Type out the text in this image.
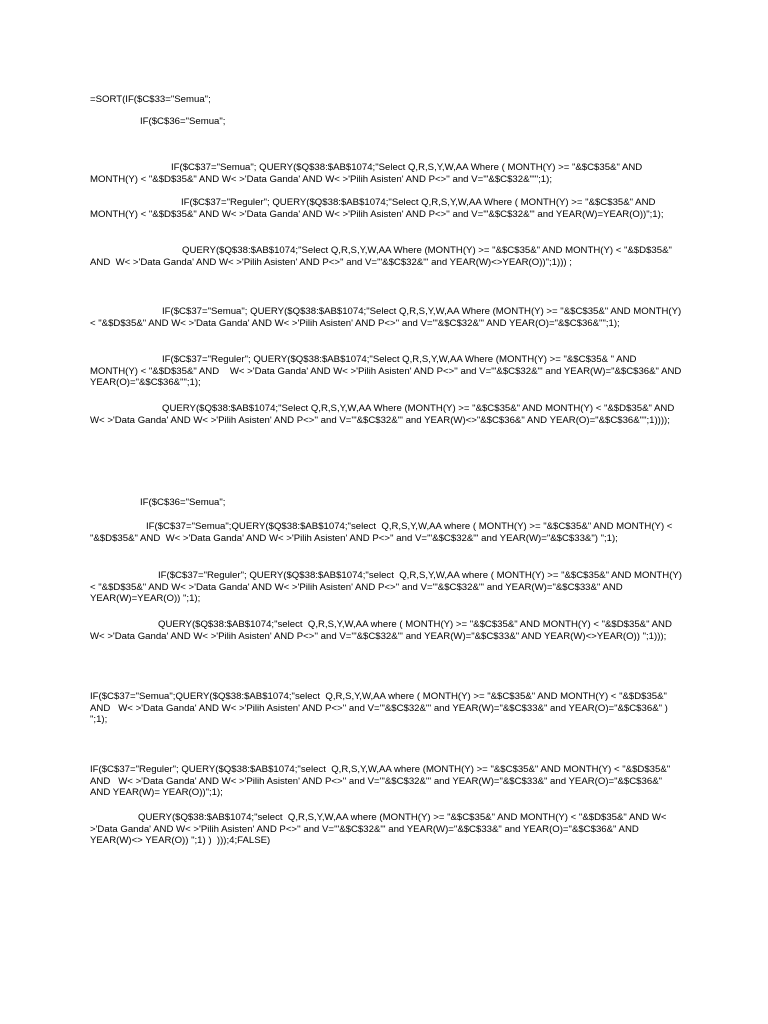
=SORT(IF($C$33="Semua";

IF($C$36="Semua";

IF($C$37="Semua"; QUERY($Q$38:$AB$1074;"Select Q,R,S,Y,W,AA Where ( MONTH(Y) >= "&$C$35&" AND MONTH(Y) < "&$D$35&" AND W< >'Data Ganda' AND W< >'Pilih Asisten' AND P<>'' and V='"&$C$32&"'";1);

IF($C$37="Reguler"; QUERY($Q$38:$AB$1074;"Select Q,R,S,Y,W,AA Where ( MONTH(Y) >= "&$C$35&" AND MONTH(Y) < "&$D$35&" AND W< >'Data Ganda' AND W< >'Pilih Asisten' AND P<>'' and V='"&$C$32&"' and YEAR(W)=YEAR(O))";1);

QUERY($Q$38:$AB$1074;"Select Q,R,S,Y,W,AA Where (MONTH(Y) >= "&$C$35&" AND MONTH(Y) < "&$D$35&" AND  W< >'Data Ganda' AND W< >'Pilih Asisten' AND P<>'' and V='"&$C$32&"' and YEAR(W)<>YEAR(O))";1))) ;

IF($C$37="Semua"; QUERY($Q$38:$AB$1074;"Select Q,R,S,Y,W,AA Where (MONTH(Y) >= "&$C$35&" AND MONTH(Y) < "&$D$35&" AND W< >'Data Ganda' AND W< >'Pilih Asisten' AND P<>'' and V='"&$C$32&"' AND YEAR(O)="&$C$36&"";1);

IF($C$37="Reguler"; QUERY($Q$38:$AB$1074;"Select Q,R,S,Y,W,AA Where (MONTH(Y) >= "&$C$35& " AND MONTH(Y) < "&$D$35&" AND    W< >'Data Ganda' AND W< >'Pilih Asisten' AND P<>'' and V='"&$C$32&"' and YEAR(W)="&$C$36&" AND YEAR(O)="&$C$36&"";1);

QUERY($Q$38:$AB$1074;"Select Q,R,S,Y,W,AA Where (MONTH(Y) >= "&$C$35&" AND MONTH(Y) < "&$D$35&" AND W< >'Data Ganda' AND W< >'Pilih Asisten' AND P<>'' and V='"&$C$32&"' and YEAR(W)<>"&$C$36&" AND YEAR(O)="&$C$36&"";1))));

IF($C$36="Semua";

IF($C$37="Semua";QUERY($Q$38:$AB$1074;"select  Q,R,S,Y,W,AA where ( MONTH(Y) >= "&$C$35&" AND MONTH(Y) < "&$D$35&" AND  W< >'Data Ganda' AND W< >'Pilih Asisten' AND P<>'' and V='"&$C$32&"' and YEAR(W)="&$C$33&") ";1);

IF($C$37="Reguler"; QUERY($Q$38:$AB$1074;"select  Q,R,S,Y,W,AA where ( MONTH(Y) >= "&$C$35&" AND MONTH(Y) < "&$D$35&" AND W< >'Data Ganda' AND W< >'Pilih Asisten' AND P<>'' and V='"&$C$32&"' and YEAR(W)="&$C$33&" AND YEAR(W)=YEAR(O)) ";1);

QUERY($Q$38:$AB$1074;"select  Q,R,S,Y,W,AA where ( MONTH(Y) >= "&$C$35&" AND MONTH(Y) < "&$D$35&" AND   W< >'Data Ganda' AND W< >'Pilih Asisten' AND P<>'' and V='"&$C$32&"' and YEAR(W)="&$C$33&" AND YEAR(W)<>YEAR(O)) ";1)));

IF($C$37="Semua";QUERY($Q$38:$AB$1074;"select  Q,R,S,Y,W,AA where ( MONTH(Y) >= "&$C$35&" AND MONTH(Y) < "&$D$35&" AND   W< >'Data Ganda' AND W< >'Pilih Asisten' AND P<>'' and V='"&$C$32&"' and YEAR(W)="&$C$33&" and YEAR(O)="&$C$36&" ) ";1);

IF($C$37="Reguler"; QUERY($Q$38:$AB$1074;"select  Q,R,S,Y,W,AA where (MONTH(Y) >= "&$C$35&" AND MONTH(Y) < "&$D$35&" AND   W< >'Data Ganda' AND W< >'Pilih Asisten' AND P<>'' and V='"&$C$32&"' and YEAR(W)="&$C$33&" and YEAR(O)="&$C$36&" AND YEAR(W)= YEAR(O))";1);

QUERY($Q$38:$AB$1074;"select  Q,R,S,Y,W,AA where (MONTH(Y) >= "&$C$35&" AND MONTH(Y) < "&$D$35&" AND W< >'Data Ganda' AND W< >'Pilih Asisten' AND P<>'' and V='"&$C$32&"' and YEAR(W)="&$C$33&" and YEAR(O)="&$C$36&" AND YEAR(W)<> YEAR(O)) ";1) )  )));4;FALSE)
